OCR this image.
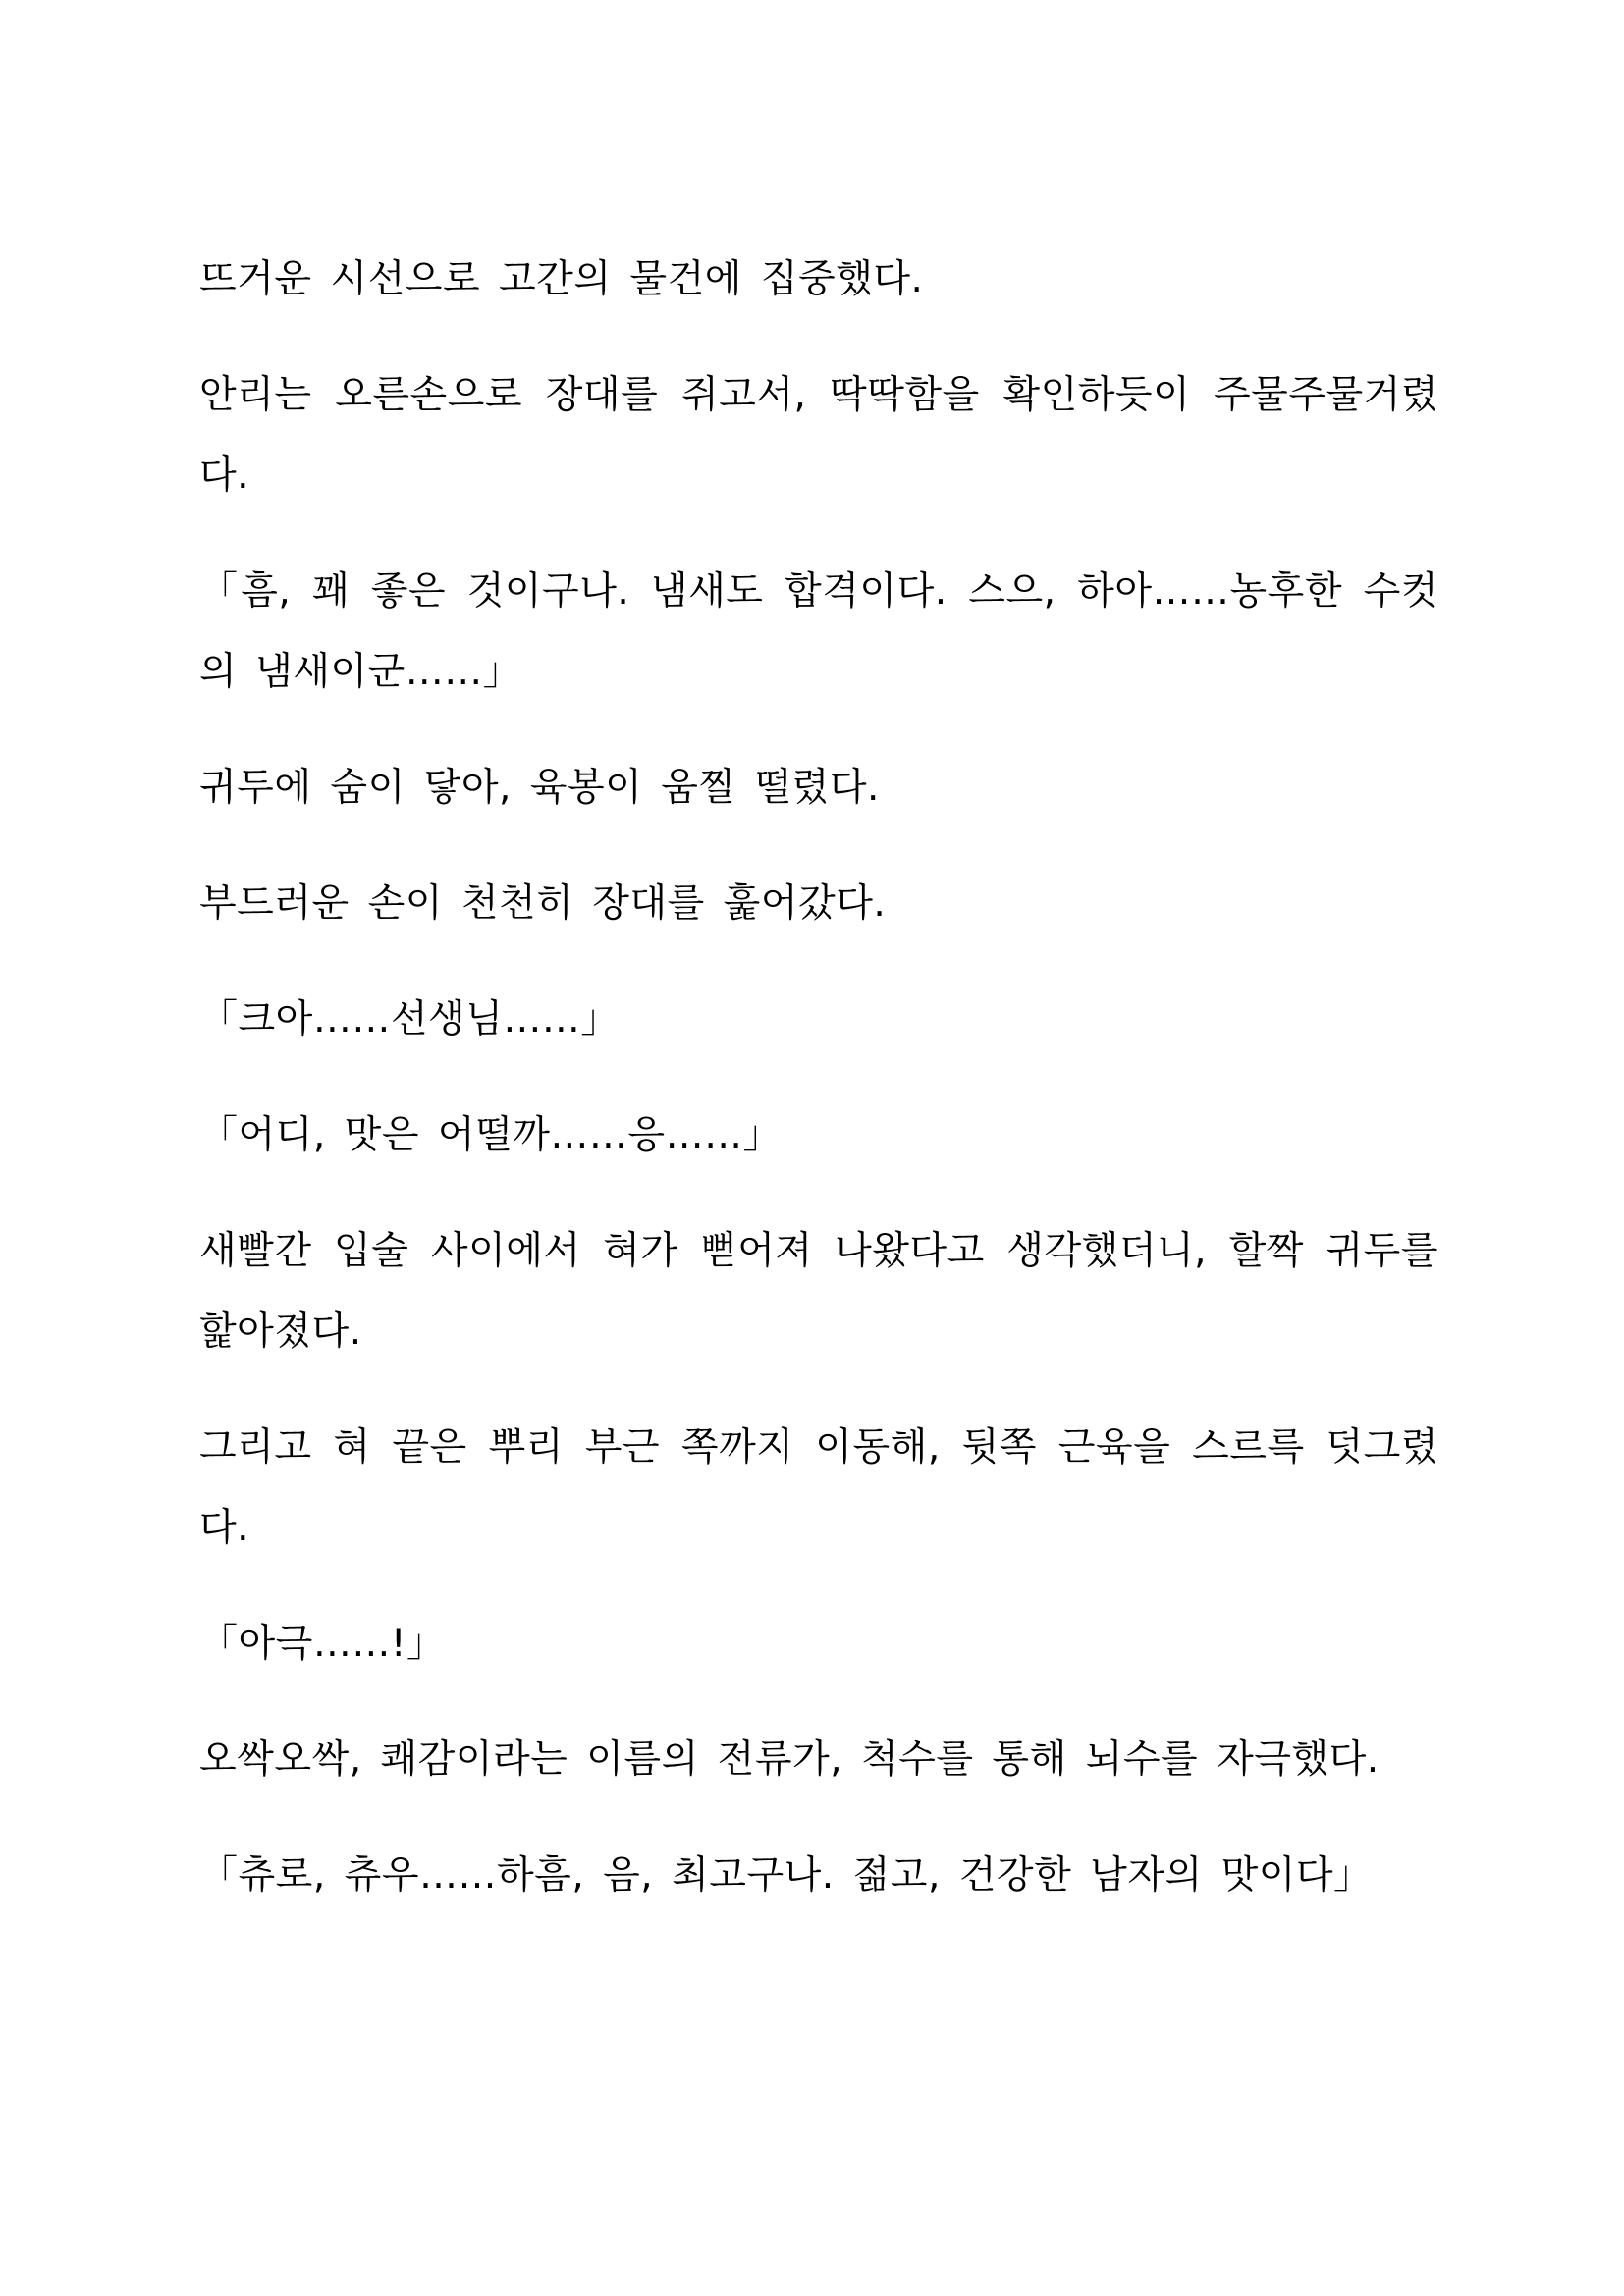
뜨거운 시선으로 고간의 물건에 집중했다.

안리는 오른손으로 장대를 쥐고서, 딱딱함을 확인하듯이 주물주물거렸다.

「흠, 꽤 좋은 것이구나. 냄새도 합격이다. 스으, 하아……농후한 수컷의 냄새이군……」

귀두에 숨이 닿아, 육봉이 움찔 떨렸다.

부드러운 손이 천천히 장대를 훑어갔다.

「크아……선생님……」

「어디, 맛은 어떨까……응……」

새빨간 입술 사이에서 혀가 뻗어져 나왔다고 생각했더니, 할짝 귀두를 핥아졌다.

그리고 혀 끝은 뿌리 부근 쪽까지 이동해, 뒷쪽 근육을 스르륵 덧그렸다.

「아극……!」

오싹오싹, 쾌감이라는 이름의 전류가, 척수를 통해 뇌수를 자극했다.

「츄로, 츄우……하흠, 음, 최고구나. 젊고, 건강한 남자의 맛이다」
